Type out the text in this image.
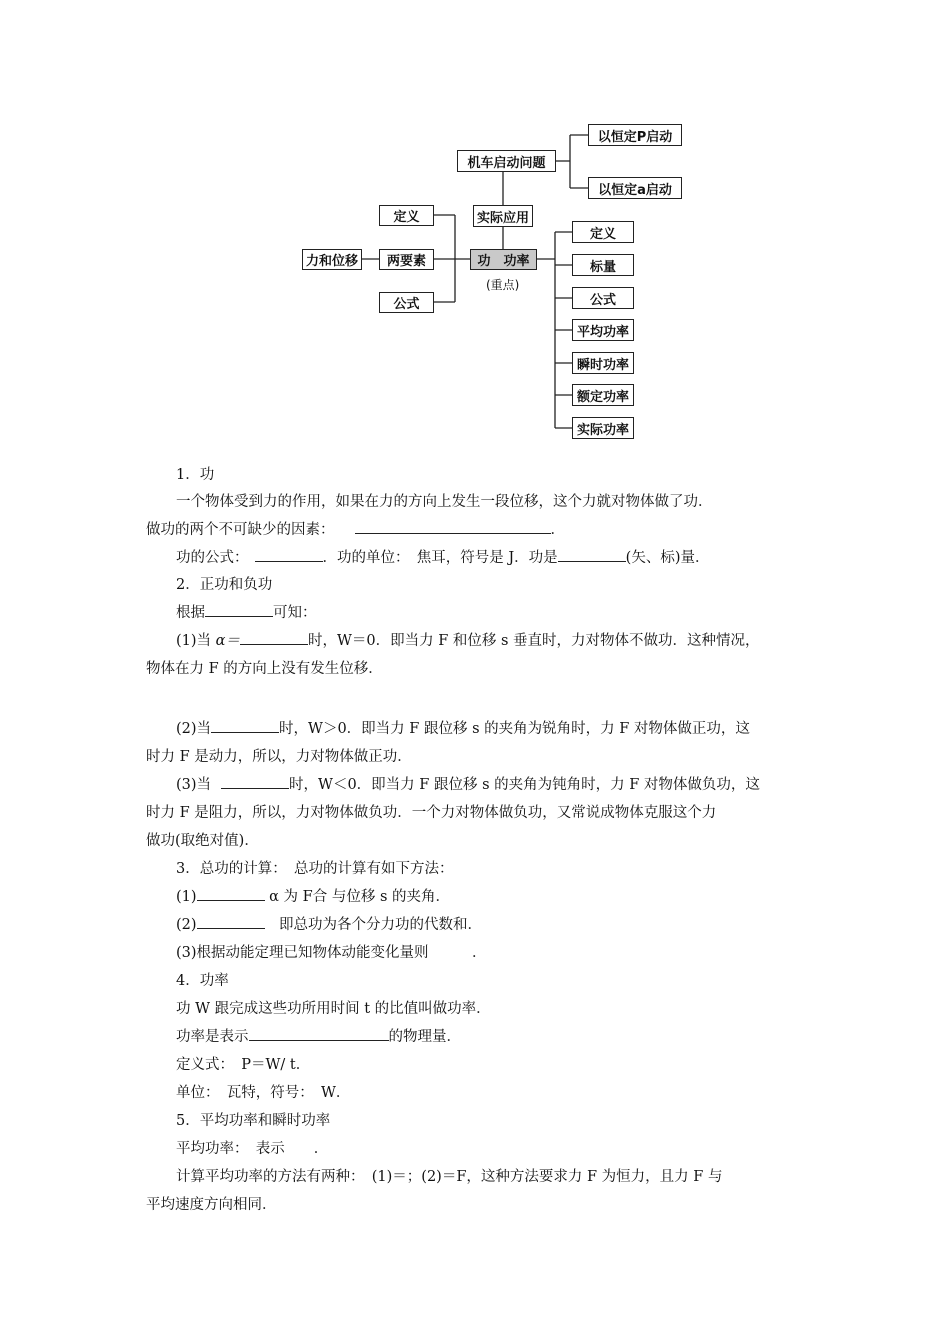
功　功率
(重点)
力和位移	两要素
定义
公式
实际应用
机车启动问题
以恒定P启动
以恒定a启动
定义
标量
公式
平均功率
瞬时功率
额定功率
实际功率
1．功
一个物体受到力的作用，如果在力的方向上发生一段位移，这个力就对物体做了功．
做功的两个不可缺少的因素：	．
功的公式：	．功的单位：　焦耳，符号是 J．功是	(矢、标)量．
2．正功和负功
根据	可知：
(1)当 α＝	时，W＝0．即当力 F 和位移 s 垂直时，力对物体不做功．这种情况，
物体在力 F 的方向上没有发生位移．
(2)当	时，W＞0．即当力 F 跟位移 s 的夹角为锐角时，力 F 对物体做正功，这
时力 F 是动力，所以，力对物体做正功．
(3)当	时，W＜0．即当力 F 跟位移 s 的夹角为钝角时，力 F 对物体做负功，这
时力 F 是阻力，所以，力对物体做负功．一个力对物体做负功，又常说成物体克服这个力
做功(取绝对值)．
3．总功的计算：　总功的计算有如下方法：
(1)	α 为 F合 与位移 s 的夹角．
(2)　	即总功为各个分力功的代数和．
(3)根据动能定理已知物体动能变化量则　　　．
4．功率
功 W 跟完成这些功所用时间 t 的比值叫做功率．
功率是表示	的物理量．
定义式：　P＝W/ t．
单位：　瓦特，符号：　W．
5．平均功率和瞬时功率
平均功率：　表示　　．
计算平均功率的方法有两种：　(1)＝；(2)＝F，这种方法要求力 F 为恒力，且力 F 与
平均速度方向相同．
